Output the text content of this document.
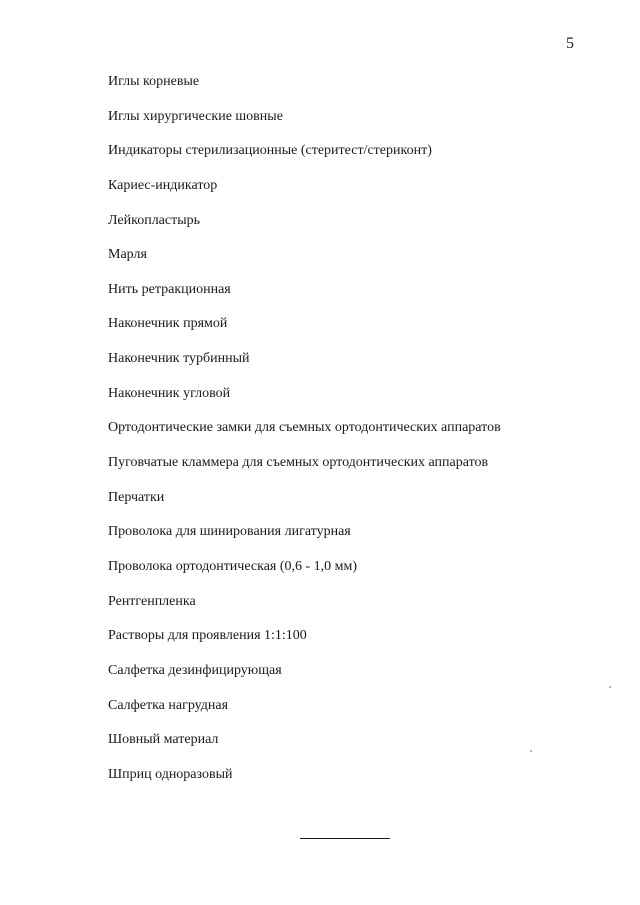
5
Иглы корневые
Иглы хирургические шовные
Индикаторы стерилизационные (стеритест/стериконт)
Кариес-индикатор
Лейкопластырь
Марля
Нить ретракционная
Наконечник прямой
Наконечник турбинный
Наконечник угловой
Ортодонтические замки для съемных ортодонтических аппаратов
Пуговчатые кламмера для съемных ортодонтических аппаратов
Перчатки
Проволока для шинирования лигатурная
Проволока ортодонтическая (0,6 - 1,0 мм)
Рентгенпленка
Растворы для проявления 1:1:100
Салфетка дезинфицирующая
Салфетка нагрудная
Шовный материал
Шприц одноразовый
